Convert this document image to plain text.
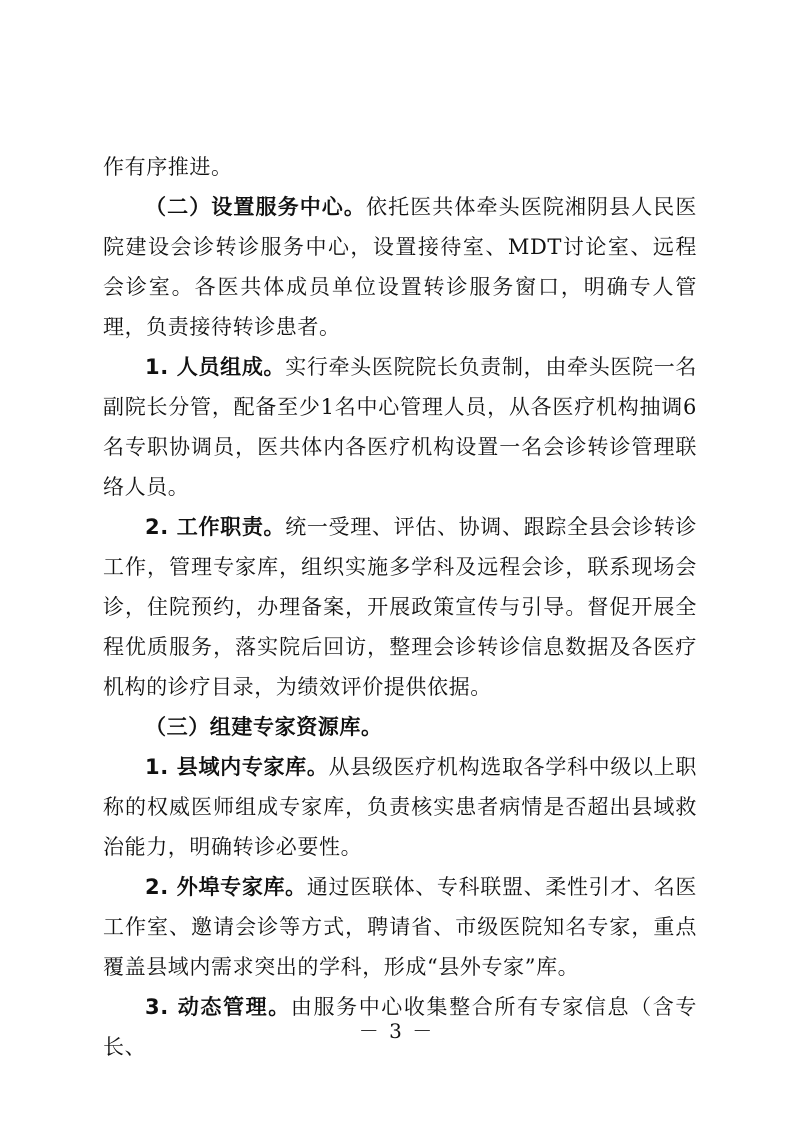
作有序推进。

（二）设置服务中心。依托医共体牵头医院湘阴县人民医院建设会诊转诊服务中心，设置接待室、MDT讨论室、远程会诊室。各医共体成员单位设置转诊服务窗口，明确专人管理，负责接待转诊患者。

1. 人员组成。实行牵头医院院长负责制，由牵头医院一名副院长分管，配备至少1名中心管理人员，从各医疗机构抽调6名专职协调员，医共体内各医疗机构设置一名会诊转诊管理联络人员。

2. 工作职责。统一受理、评估、协调、跟踪全县会诊转诊工作，管理专家库，组织实施多学科及远程会诊，联系现场会诊，住院预约，办理备案，开展政策宣传与引导。督促开展全程优质服务，落实院后回访，整理会诊转诊信息数据及各医疗机构的诊疗目录，为绩效评价提供依据。

（三）组建专家资源库。

1. 县域内专家库。从县级医疗机构选取各学科中级以上职称的权威医师组成专家库，负责核实患者病情是否超出县域救治能力，明确转诊必要性。

2. 外埠专家库。通过医联体、专科联盟、柔性引才、名医工作室、邀请会诊等方式，聘请省、市级医院知名专家，重点覆盖县域内需求突出的学科，形成“县外专家”库。

3. 动态管理。由服务中心收集整合所有专家信息（含专长、

－ 3 －
